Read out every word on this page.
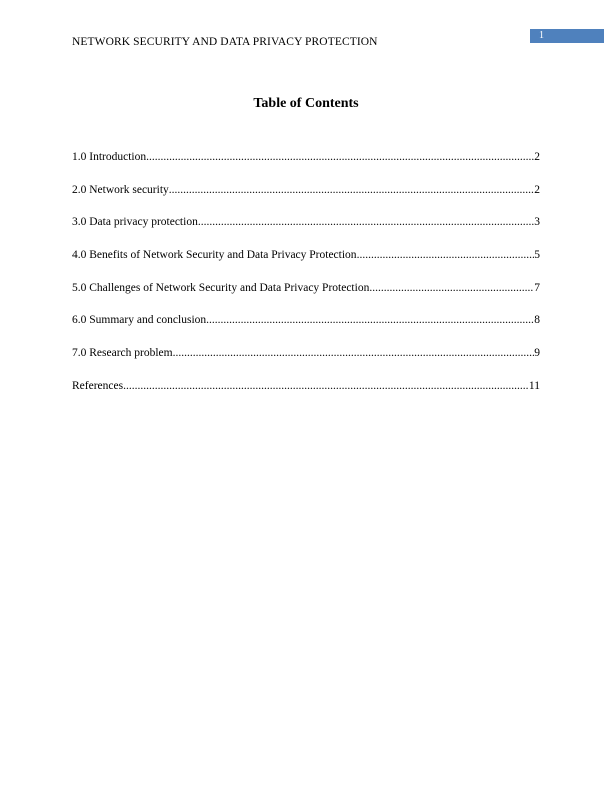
NETWORK SECURITY AND DATA PRIVACY PROTECTION
1
Table of Contents
1.0 Introduction .....	2
2.0 Network security .....	2
3.0 Data privacy protection .....	3
4.0 Benefits of Network Security and Data Privacy Protection .....	5
5.0 Challenges of Network Security and Data Privacy Protection .....	7
6.0 Summary and conclusion .....	8
7.0 Research problem .....	9
References .....	11
